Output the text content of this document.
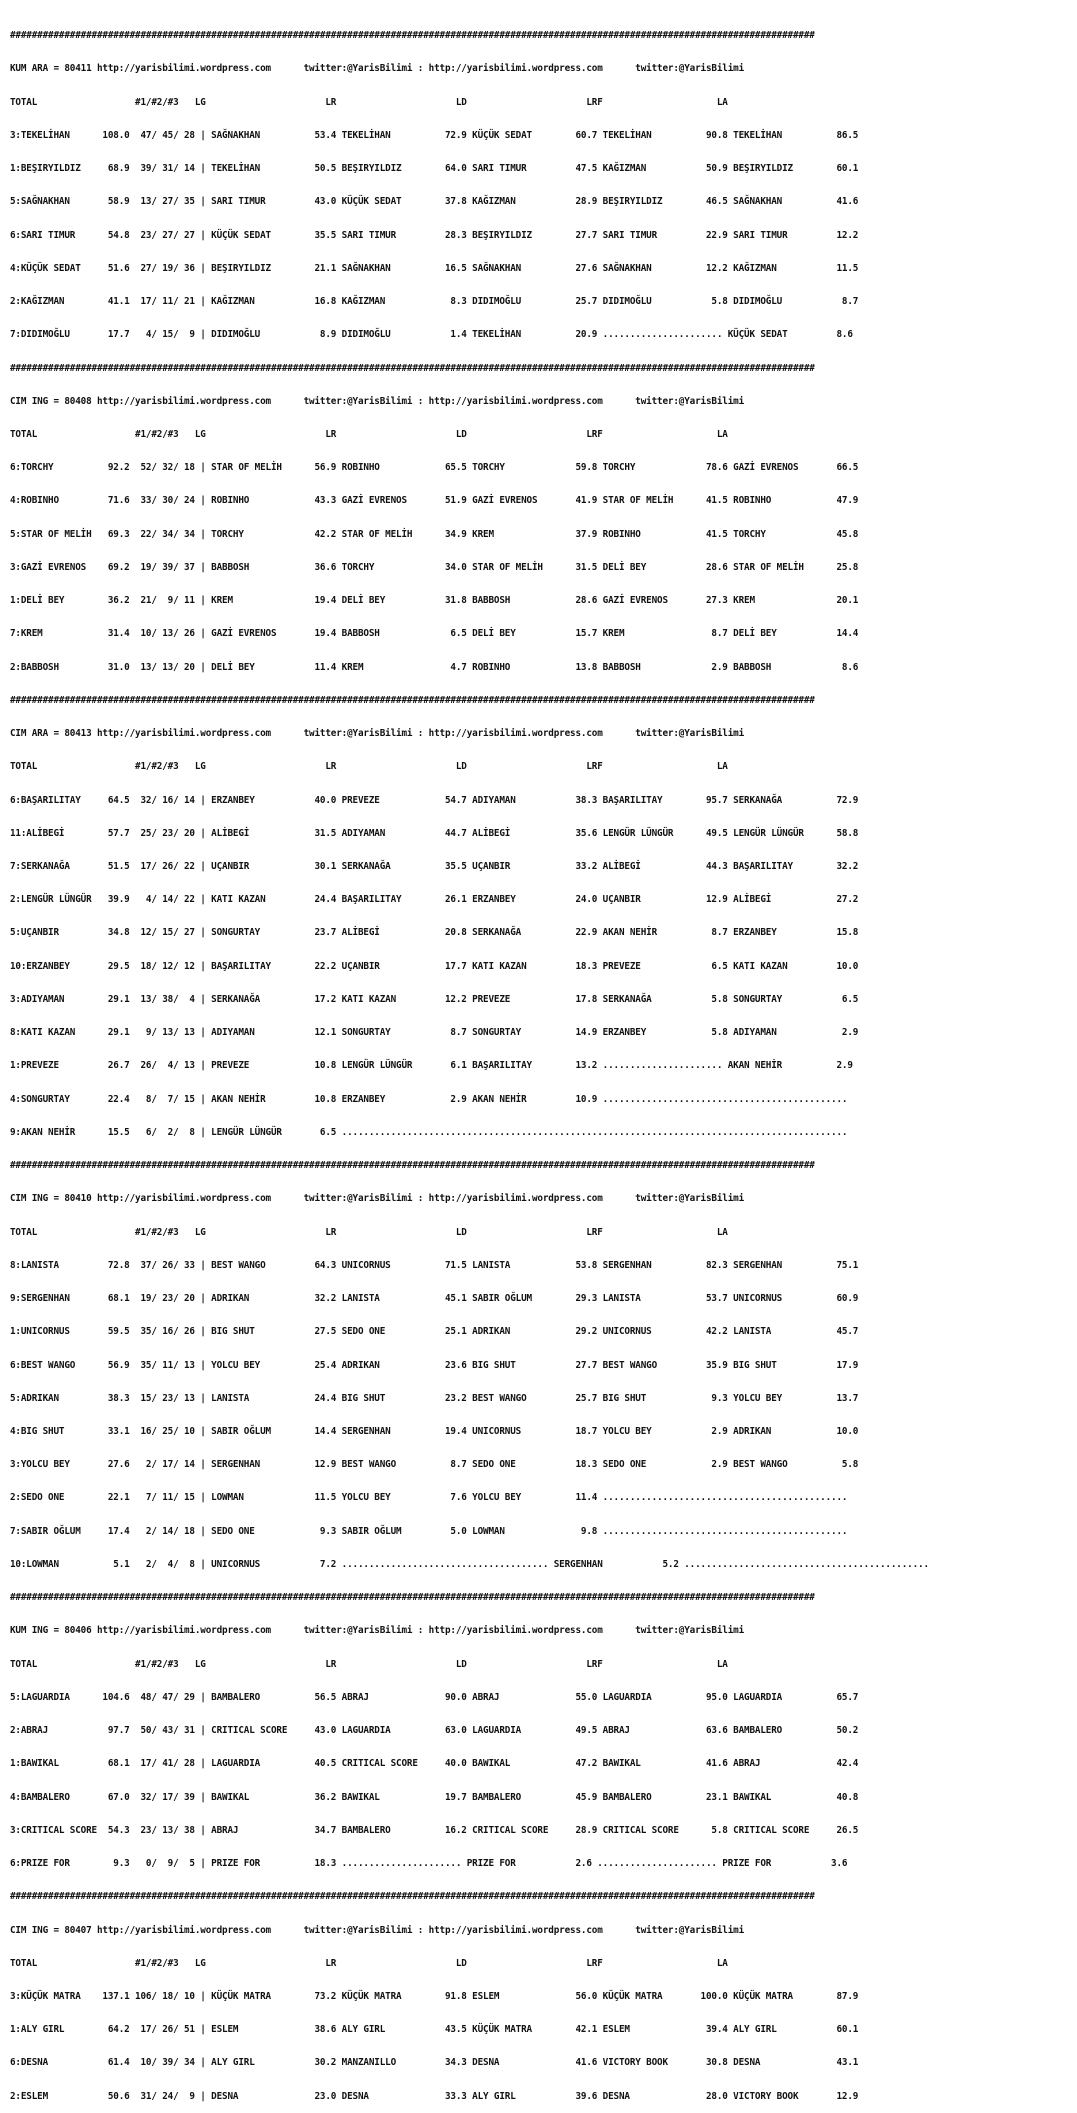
####################################################################################################################################################

KUM ARA = 80411 http://yarisbilimi.wordpress.com      twitter:@YarisBilimi : http://yarisbilimi.wordpress.com      twitter:@YarisBilimi

TOTAL                  #1/#2/#3   LG                      LR                      LD                      LRF                     LA

3:TEKELİHAN      108.0  47/ 45/ 28 | SAĞNAKHAN          53.4 TEKELİHAN          72.9 KÜÇÜK SEDAT        60.7 TEKELİHAN          90.8 TEKELİHAN          86.5

1:BEŞIRYILDIZ     68.9  39/ 31/ 14 | TEKELİHAN          50.5 BEŞIRYILDIZ        64.0 SARI TIMUR         47.5 KAĞIZMAN           50.9 BEŞIRYILDIZ        60.1

5:SAĞNAKHAN       58.9  13/ 27/ 35 | SARI TIMUR         43.0 KÜÇÜK SEDAT        37.8 KAĞIZMAN           28.9 BEŞIRYILDIZ        46.5 SAĞNAKHAN          41.6

6:SARI TIMUR      54.8  23/ 27/ 27 | KÜÇÜK SEDAT        35.5 SARI TIMUR         28.3 BEŞIRYILDIZ        27.7 SARI TIMUR         22.9 SARI TIMUR         12.2

4:KÜÇÜK SEDAT     51.6  27/ 19/ 36 | BEŞIRYILDIZ        21.1 SAĞNAKHAN          16.5 SAĞNAKHAN          27.6 SAĞNAKHAN          12.2 KAĞIZMAN           11.5

2:KAĞIZMAN        41.1  17/ 11/ 21 | KAĞIZMAN           16.8 KAĞIZMAN            8.3 DIDIMOĞLU          25.7 DIDIMOĞLU           5.8 DIDIMOĞLU           8.7

7:DIDIMOĞLU       17.7   4/ 15/  9 | DIDIMOĞLU           8.9 DIDIMOĞLU           1.4 TEKELİHAN          20.9 ...................... KÜÇÜK SEDAT         8.6

####################################################################################################################################################

CIM ING = 80408 http://yarisbilimi.wordpress.com      twitter:@YarisBilimi : http://yarisbilimi.wordpress.com      twitter:@YarisBilimi

TOTAL                  #1/#2/#3   LG                      LR                      LD                      LRF                     LA

6:TORCHY          92.2  52/ 32/ 18 | STAR OF MELİH      56.9 ROBINHO            65.5 TORCHY             59.8 TORCHY             78.6 GAZİ EVRENOS       66.5

4:ROBINHO         71.6  33/ 30/ 24 | ROBINHO            43.3 GAZİ EVRENOS       51.9 GAZİ EVRENOS       41.9 STAR OF MELİH      41.5 ROBINHO            47.9

5:STAR OF MELİH   69.3  22/ 34/ 34 | TORCHY             42.2 STAR OF MELİH      34.9 KREM               37.9 ROBINHO            41.5 TORCHY             45.8

3:GAZİ EVRENOS    69.2  19/ 39/ 37 | BABBOSH            36.6 TORCHY             34.0 STAR OF MELİH      31.5 DELİ BEY           28.6 STAR OF MELİH      25.8

1:DELİ BEY        36.2  21/  9/ 11 | KREM               19.4 DELİ BEY           31.8 BABBOSH            28.6 GAZİ EVRENOS       27.3 KREM               20.1

7:KREM            31.4  10/ 13/ 26 | GAZİ EVRENOS       19.4 BABBOSH             6.5 DELİ BEY           15.7 KREM                8.7 DELİ BEY           14.4

2:BABBOSH         31.0  13/ 13/ 20 | DELİ BEY           11.4 KREM                4.7 ROBINHO            13.8 BABBOSH             2.9 BABBOSH             8.6

####################################################################################################################################################

CIM ARA = 80413 http://yarisbilimi.wordpress.com      twitter:@YarisBilimi : http://yarisbilimi.wordpress.com      twitter:@YarisBilimi

TOTAL                  #1/#2/#3   LG                      LR                      LD                      LRF                     LA

6:BAŞARILITAY     64.5  32/ 16/ 14 | ERZANBEY           40.0 PREVEZE            54.7 ADIYAMAN           38.3 BAŞARILITAY        95.7 SERKANAĞA          72.9

11:ALİBEGİ        57.7  25/ 23/ 20 | ALİBEGİ            31.5 ADIYAMAN           44.7 ALİBEGİ            35.6 LENGÜR LÜNGÜR      49.5 LENGÜR LÜNGÜR      58.8

7:SERKANAĞA       51.5  17/ 26/ 22 | UÇANBIR            30.1 SERKANAĞA          35.5 UÇANBIR            33.2 ALİBEGİ            44.3 BAŞARILITAY        32.2

2:LENGÜR LÜNGÜR   39.9   4/ 14/ 22 | KATI KAZAN         24.4 BAŞARILITAY        26.1 ERZANBEY           24.0 UÇANBIR            12.9 ALİBEGİ            27.2

5:UÇANBIR         34.8  12/ 15/ 27 | SONGURTAY          23.7 ALİBEGİ            20.8 SERKANAĞA          22.9 AKAN NEHİR          8.7 ERZANBEY           15.8

10:ERZANBEY       29.5  18/ 12/ 12 | BAŞARILITAY        22.2 UÇANBIR            17.7 KATI KAZAN         18.3 PREVEZE             6.5 KATI KAZAN         10.0

3:ADIYAMAN        29.1  13/ 38/  4 | SERKANAĞA          17.2 KATI KAZAN         12.2 PREVEZE            17.8 SERKANAĞA           5.8 SONGURTAY           6.5

8:KATI KAZAN      29.1   9/ 13/ 13 | ADIYAMAN           12.1 SONGURTAY           8.7 SONGURTAY          14.9 ERZANBEY            5.8 ADIYAMAN            2.9

1:PREVEZE         26.7  26/  4/ 13 | PREVEZE            10.8 LENGÜR LÜNGÜR       6.1 BAŞARILITAY        13.2 ...................... AKAN NEHİR          2.9

4:SONGURTAY       22.4   8/  7/ 15 | AKAN NEHİR         10.8 ERZANBEY            2.9 AKAN NEHİR         10.9 .............................................

9:AKAN NEHİR      15.5   6/  2/  8 | LENGÜR LÜNGÜR       6.5 .............................................................................................

####################################################################################################################################################

CIM ING = 80410 http://yarisbilimi.wordpress.com      twitter:@YarisBilimi : http://yarisbilimi.wordpress.com      twitter:@YarisBilimi

TOTAL                  #1/#2/#3   LG                      LR                      LD                      LRF                     LA

8:LANISTA         72.8  37/ 26/ 33 | BEST WANGO         64.3 UNICORNUS          71.5 LANISTA            53.8 SERGENHAN          82.3 SERGENHAN          75.1

9:SERGENHAN       68.1  19/ 23/ 20 | ADRIKAN            32.2 LANISTA            45.1 SABIR OĞLUM        29.3 LANISTA            53.7 UNICORNUS          60.9

1:UNICORNUS       59.5  35/ 16/ 26 | BIG SHUT           27.5 SEDO ONE           25.1 ADRIKAN            29.2 UNICORNUS          42.2 LANISTA            45.7

6:BEST WANGO      56.9  35/ 11/ 13 | YOLCU BEY          25.4 ADRIKAN            23.6 BIG SHUT           27.7 BEST WANGO         35.9 BIG SHUT           17.9

5:ADRIKAN         38.3  15/ 23/ 13 | LANISTA            24.4 BIG SHUT           23.2 BEST WANGO         25.7 BIG SHUT            9.3 YOLCU BEY          13.7

4:BIG SHUT        33.1  16/ 25/ 10 | SABIR OĞLUM        14.4 SERGENHAN          19.4 UNICORNUS          18.7 YOLCU BEY           2.9 ADRIKAN            10.0

3:YOLCU BEY       27.6   2/ 17/ 14 | SERGENHAN          12.9 BEST WANGO          8.7 SEDO ONE           18.3 SEDO ONE            2.9 BEST WANGO          5.8

2:SEDO ONE        22.1   7/ 11/ 15 | LOWMAN             11.5 YOLCU BEY           7.6 YOLCU BEY          11.4 .............................................

7:SABIR OĞLUM     17.4   2/ 14/ 18 | SEDO ONE            9.3 SABIR OĞLUM         5.0 LOWMAN              9.8 .............................................

10:LOWMAN          5.1   2/  4/  8 | UNICORNUS           7.2 ...................................... SERGENHAN           5.2 .............................................

####################################################################################################################################################

KUM ING = 80406 http://yarisbilimi.wordpress.com      twitter:@YarisBilimi : http://yarisbilimi.wordpress.com      twitter:@YarisBilimi

TOTAL                  #1/#2/#3   LG                      LR                      LD                      LRF                     LA

5:LAGUARDIA      104.6  48/ 47/ 29 | BAMBALERO          56.5 ABRAJ              90.0 ABRAJ              55.0 LAGUARDIA          95.0 LAGUARDIA          65.7

2:ABRAJ           97.7  50/ 43/ 31 | CRITICAL SCORE     43.0 LAGUARDIA          63.0 LAGUARDIA          49.5 ABRAJ              63.6 BAMBALERO          50.2

1:BAWIKAL         68.1  17/ 41/ 28 | LAGUARDIA          40.5 CRITICAL SCORE     40.0 BAWIKAL            47.2 BAWIKAL            41.6 ABRAJ              42.4

4:BAMBALERO       67.0  32/ 17/ 39 | BAWIKAL            36.2 BAWIKAL            19.7 BAMBALERO          45.9 BAMBALERO          23.1 BAWIKAL            40.8

3:CRITICAL SCORE  54.3  23/ 13/ 38 | ABRAJ              34.7 BAMBALERO          16.2 CRITICAL SCORE     28.9 CRITICAL SCORE      5.8 CRITICAL SCORE     26.5

6:PRIZE FOR        9.3   0/  9/  5 | PRIZE FOR          18.3 ...................... PRIZE FOR           2.6 ...................... PRIZE FOR           3.6

####################################################################################################################################################

CIM ING = 80407 http://yarisbilimi.wordpress.com      twitter:@YarisBilimi : http://yarisbilimi.wordpress.com      twitter:@YarisBilimi

TOTAL                  #1/#2/#3   LG                      LR                      LD                      LRF                     LA

3:KÜÇÜK MATRA    137.1 106/ 18/ 10 | KÜÇÜK MATRA        73.2 KÜÇÜK MATRA        91.8 ESLEM              56.0 KÜÇÜK MATRA       100.0 KÜÇÜK MATRA        87.9

1:ALY GIRL        64.2  17/ 26/ 51 | ESLEM              38.6 ALY GIRL           43.5 KÜÇÜK MATRA        42.1 ESLEM              39.4 ALY GIRL           60.1

6:DESNA           61.4  10/ 39/ 34 | ALY GIRL           30.2 MANZANILLO         34.3 DESNA              41.6 VICTORY BOOK       30.8 DESNA              43.1

2:ESLEM           50.6  31/ 24/  9 | DESNA              23.0 DESNA              33.3 ALY GIRL           39.6 DESNA              28.0 VICTORY BOOK       12.9
